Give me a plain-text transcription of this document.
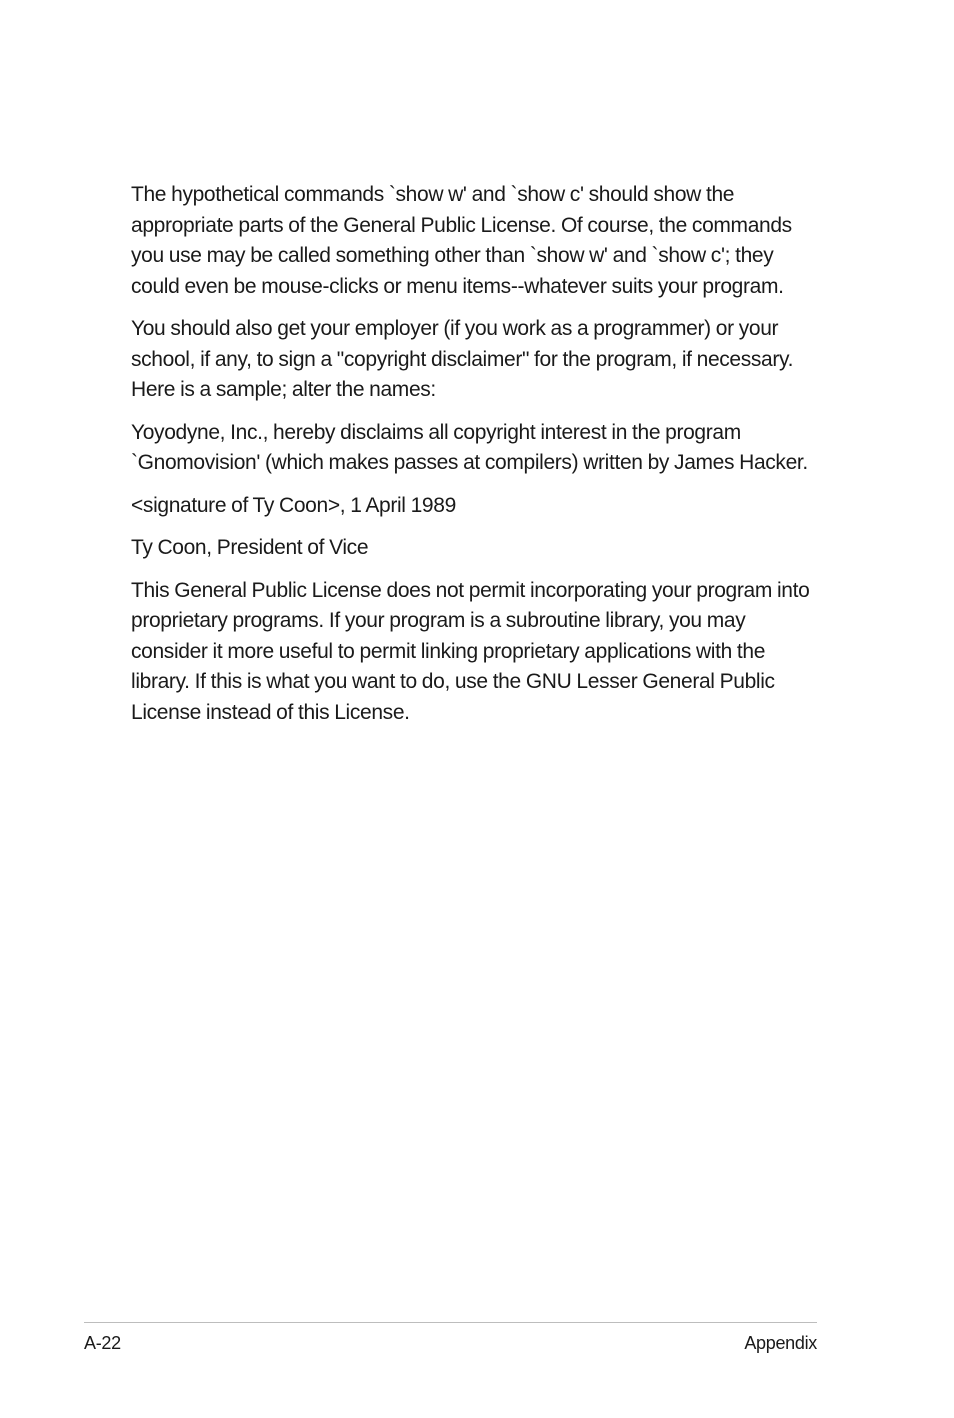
The hypothetical commands `show w' and `show c' should show the appropriate parts of the General Public License. Of course, the commands you use may be called something other than `show w' and `show c'; they could even be mouse-clicks or menu items--whatever suits your program.

You should also get your employer (if you work as a programmer) or your school, if any, to sign a "copyright disclaimer" for the program, if necessary. Here is a sample; alter the names:

Yoyodyne, Inc., hereby disclaims all copyright interest in the program `Gnomovision' (which makes passes at compilers) written by James Hacker.

<signature of Ty Coon>, 1 April 1989

Ty Coon, President of Vice

This General Public License does not permit incorporating your program into proprietary programs. If your program is a subroutine library, you may consider it more useful to permit linking proprietary applications with the library. If this is what you want to do, use the GNU Lesser General Public License instead of this License.

A-22	Appendix
